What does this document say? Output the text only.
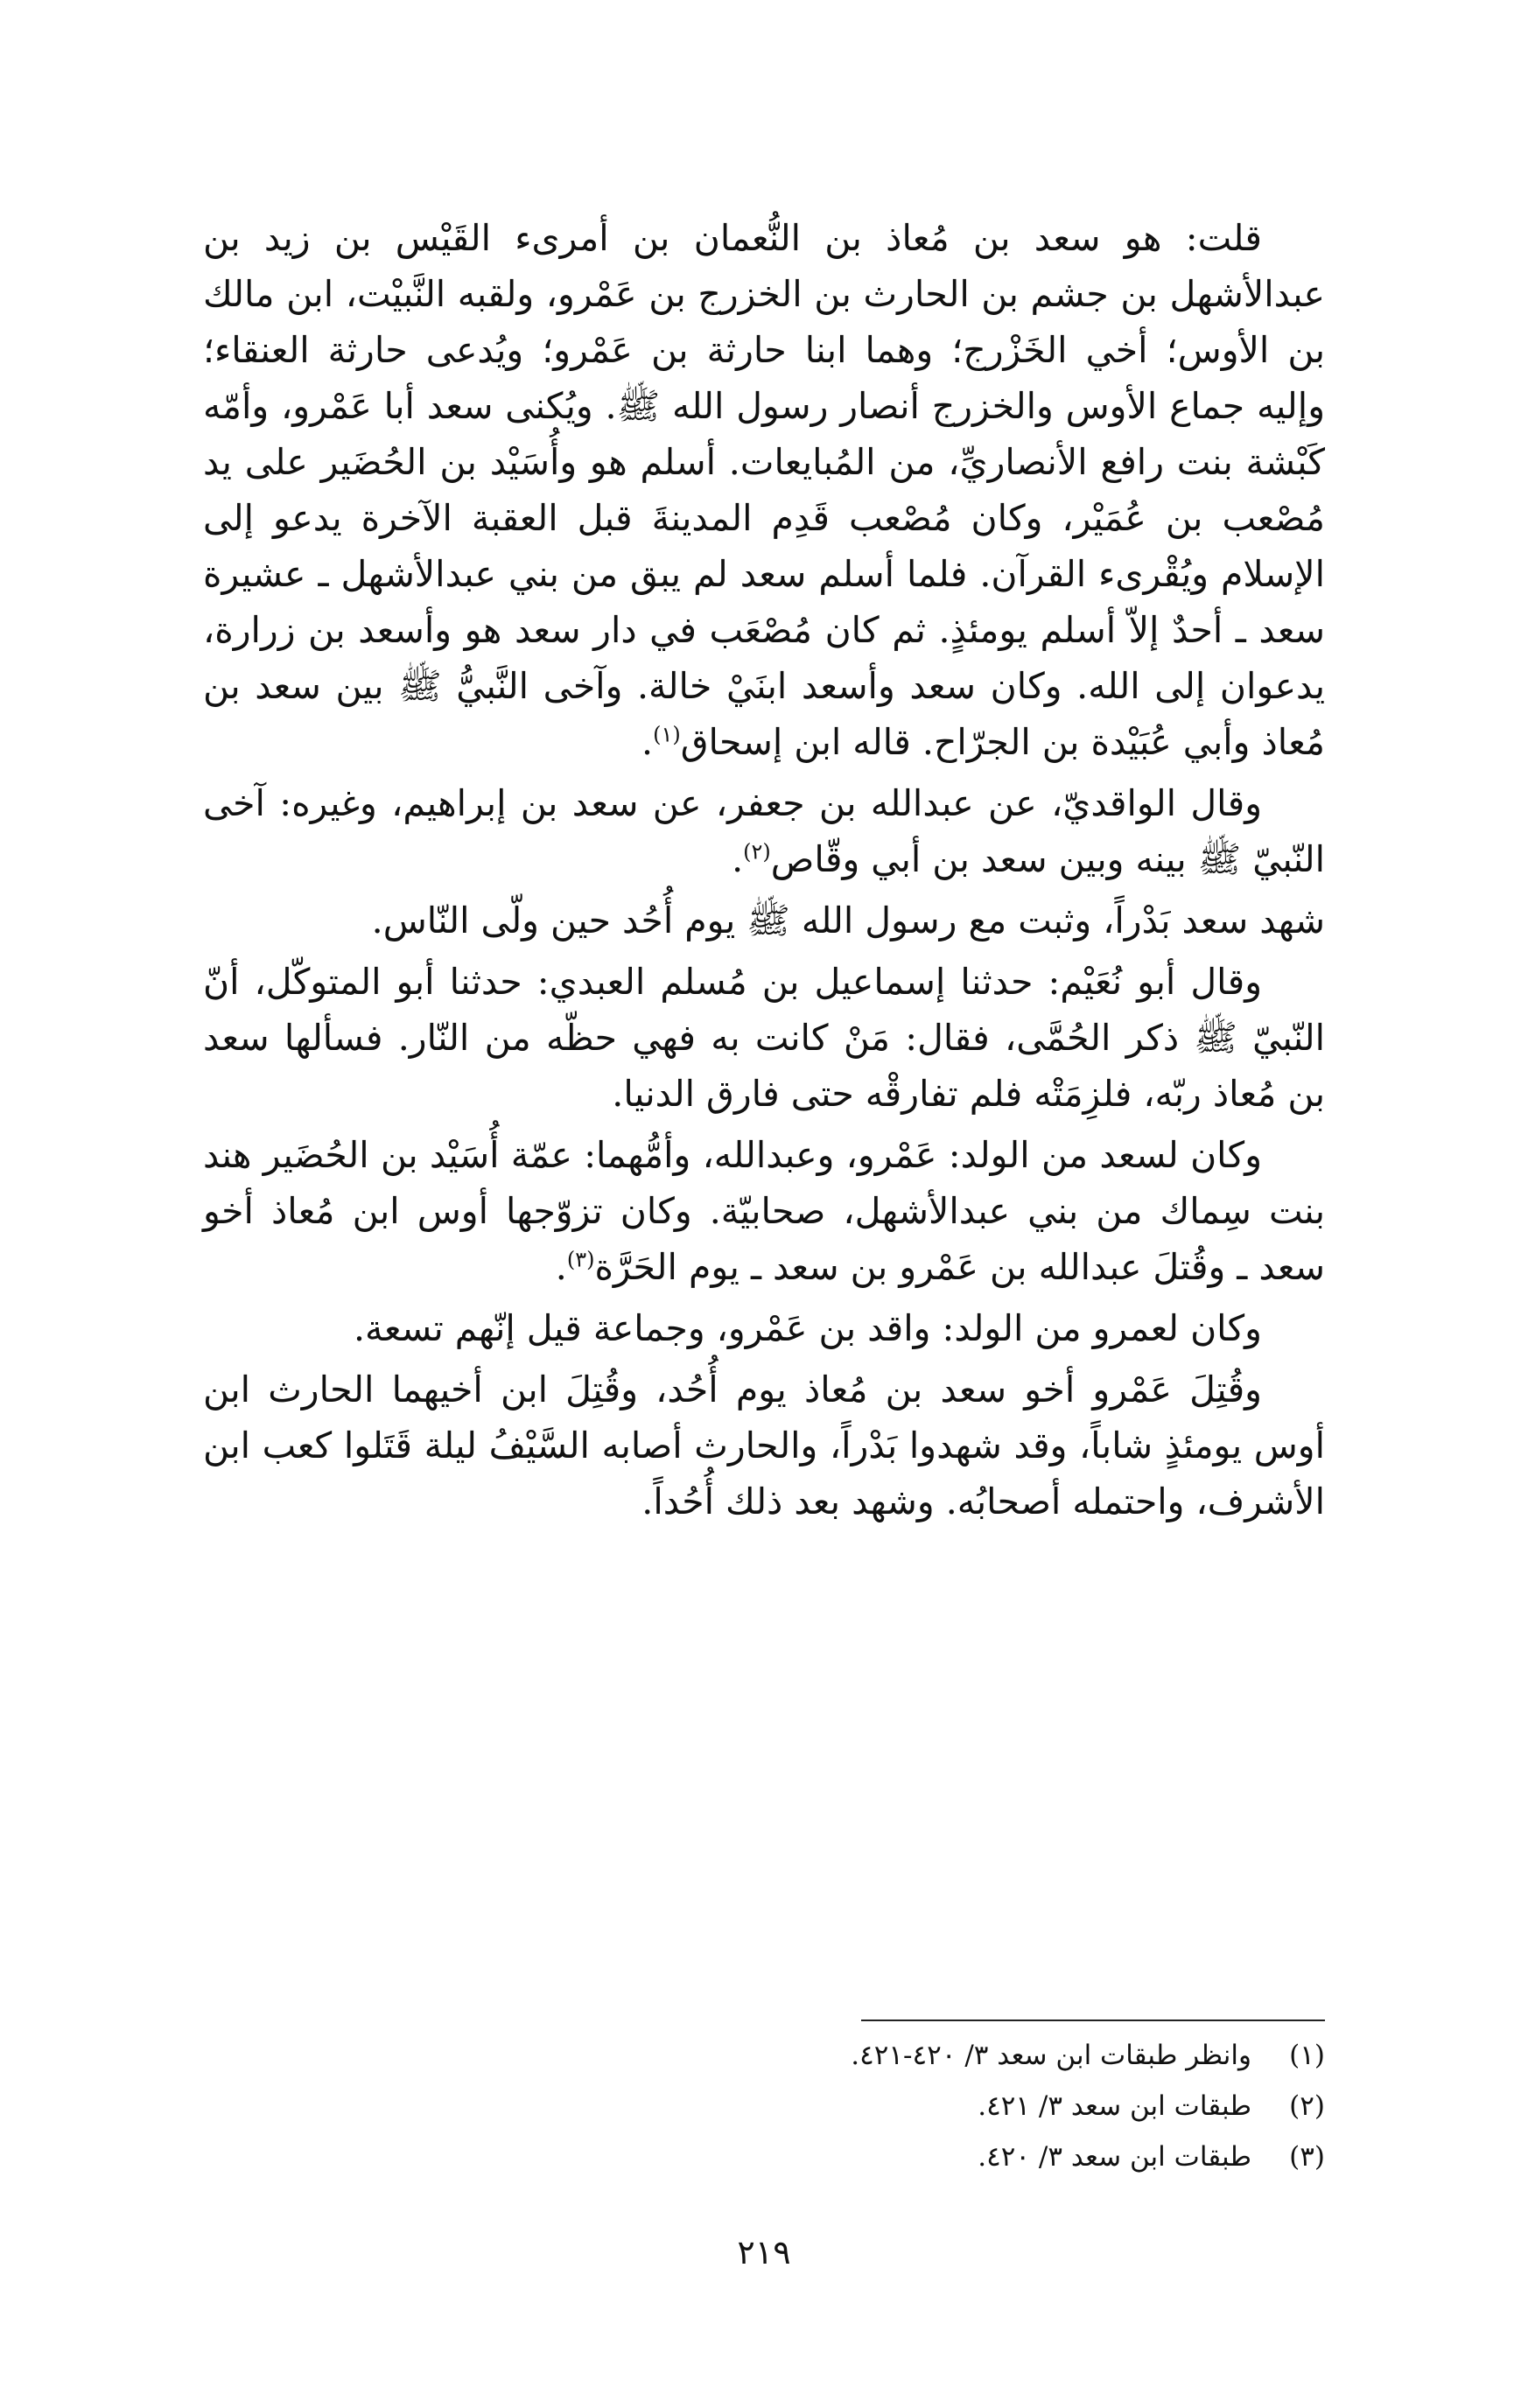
قلت: هو سعد بن مُعاذ بن النُّعمان بن أمرىء القَيْس بن زيد بن عبدالأشهل بن جشم بن الحارث بن الخزرج بن عَمْرو، ولقبه النَّبيْت، ابن مالك بن الأوس؛ أخي الخَزْرج؛ وهما ابنا حارثة بن عَمْرو؛ ويُدعى حارثة العنقاء؛ وإليه جماع الأوس والخزرج أنصار رسول الله ﷺ. ويُكنى سعد أبا عَمْرو، وأمّه كَبْشة بنت رافع الأنصاريِّ، من المُبايعات. أسلم هو وأُسَيْد بن الحُضَير على يد مُصْعب بن عُمَيْر، وكان مُصْعب قَدِم المدينةَ قبل العقبة الآخرة يدعو إلى الإسلام ويُقْرىء القرآن. فلما أسلم سعد لم يبق من بني عبدالأشهل ـ عشيرة سعد ـ أحدٌ إلاّ أسلم يومئذٍ. ثم كان مُصْعَب في دار سعد هو وأسعد بن زرارة، يدعوان إلى الله. وكان سعد وأسعد ابنَيْ خالة. وآخى النَّبيُّ ﷺ بين سعد بن مُعاذ وأبي عُبَيْدة بن الجرّاح. قاله ابن إسحاق$^{(١)}$.

وقال الواقديّ، عن عبدالله بن جعفر، عن سعد بن إبراهيم، وغيره: آخى النّبيّ ﷺ بينه وبين سعد بن أبي وقّاص$^{(٢)}$.

شهد سعد بَدْراً، وثبت مع رسول الله ﷺ يوم أُحُد حين ولّى النّاس.

وقال أبو نُعَيْم: حدثنا إسماعيل بن مُسلم العبدي: حدثنا أبو المتوكّل، أنّ النّبيّ ﷺ ذكر الحُمَّى، فقال: مَنْ كانت به فهي حظّه من النّار. فسألها سعد بن مُعاذ ربّه، فلزِمَتْه فلم تفارقْه حتى فارق الدنيا.

وكان لسعد من الولد: عَمْرو، وعبدالله، وأمُّهما: عمّة أُسَيْد بن الحُضَير هند بنت سِماك من بني عبدالأشهل، صحابيّة. وكان تزوّجها أوس ابن مُعاذ أخو سعد ـ وقُتلَ عبدالله بن عَمْرو بن سعد ـ يوم الحَرَّة$^{(٣)}$.

وكان لعمرو من الولد: واقد بن عَمْرو، وجماعة قيل إنّهم تسعة.

وقُتِلَ عَمْرو أخو سعد بن مُعاذ يوم أُحُد، وقُتِلَ ابن أخيهما الحارث ابن أوس يومئذٍ شاباً، وقد شهدوا بَدْراً، والحارث أصابه السَّيْفُ ليلة قَتَلوا كعب ابن الأشرف، واحتمله أصحابُه. وشهد بعد ذلك أُحُداً.

(١)
وانظر طبقات ابن سعد ٣/ ٤٢٠-٤٢١.
(٢)
طبقات ابن سعد ٣/ ٤٢١.
(٣)
طبقات ابن سعد ٣/ ٤٢٠.
٢١٩
